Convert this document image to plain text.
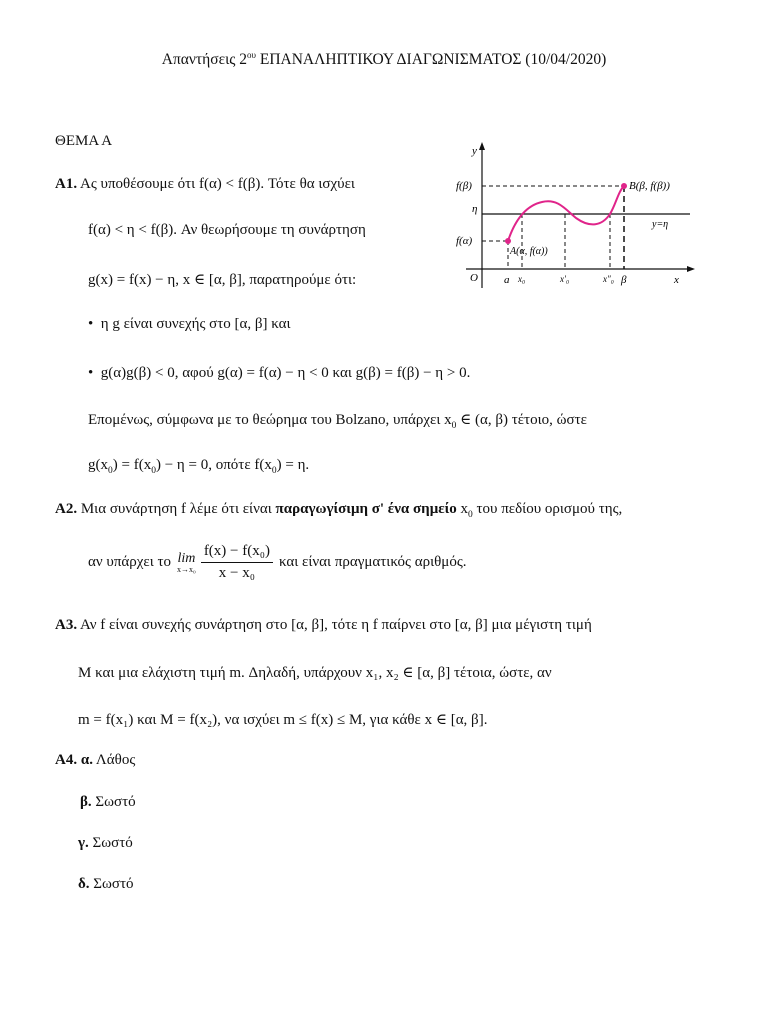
Απαντήσεις $2^{o\upsilon}$ ΕΠΑΝΑΛΗΠΤΙΚΟΥ ΔΙΑΓΩΝΙΣΜΑΤΟΣ (10/04/2020)
ΘΕΜΑ Α
Α1. Ας υποθέσουμε ότι f(α) < f(β). Τότε θα ισχύει
f(α) < η < f(β). Αν θεωρήσουμε τη συνάρτηση
g(x) = f(x) − η, x ∈ [α, β], παρατηρούμε ότι:
•  η g είναι συνεχής στο [α, β] και
•  g(α)g(β) < 0, αφού g(α) = f(α) − η < 0 και g(β) = f(β) − η > 0.
Επομένως, σύμφωνα με το θεώρημα του Bolzano, υπάρχει $x_0$ ∈ (α, β) τέτοιο, ώστε
$g(x_0) = f(x_0) - \eta = 0$, οπότε $f(x_0) = \eta$.
y
x
O
f(β)
f(α)
η
A(α, f(α))
B(β, f(β))
y=η
a x₀	x′₀	x″₀ β
Α2. Μια συνάρτηση f λέμε ότι είναι παραγωγίσιμη σ' ένα σημείο $x_0$ του πεδίου ορισμού της,
αν υπάρχει το lim
$x\to x_0 \frac{\text{f(x) − f(x₀)}}{\text{x − x₀}}$ και είναι πραγματικός αριθμός.
Α3. Αν f είναι συνεχής συνάρτηση στο [α, β], τότε η f παίρνει στο [α, β] μια μέγιστη τιμή
Μ και μια ελάχιστη τιμή m. Δηλαδή, υπάρχουν x₁, x₂ ∈ [α, β] τέτοια, ώστε, αν
m = f(x₁) και M = f(x₂), να ισχύει m ≤ f(x) ≤ M, για κάθε x ∈ [α, β].
Α4. α. Λάθος
β. Σωστό
γ. Σωστό
δ. Σωστό
